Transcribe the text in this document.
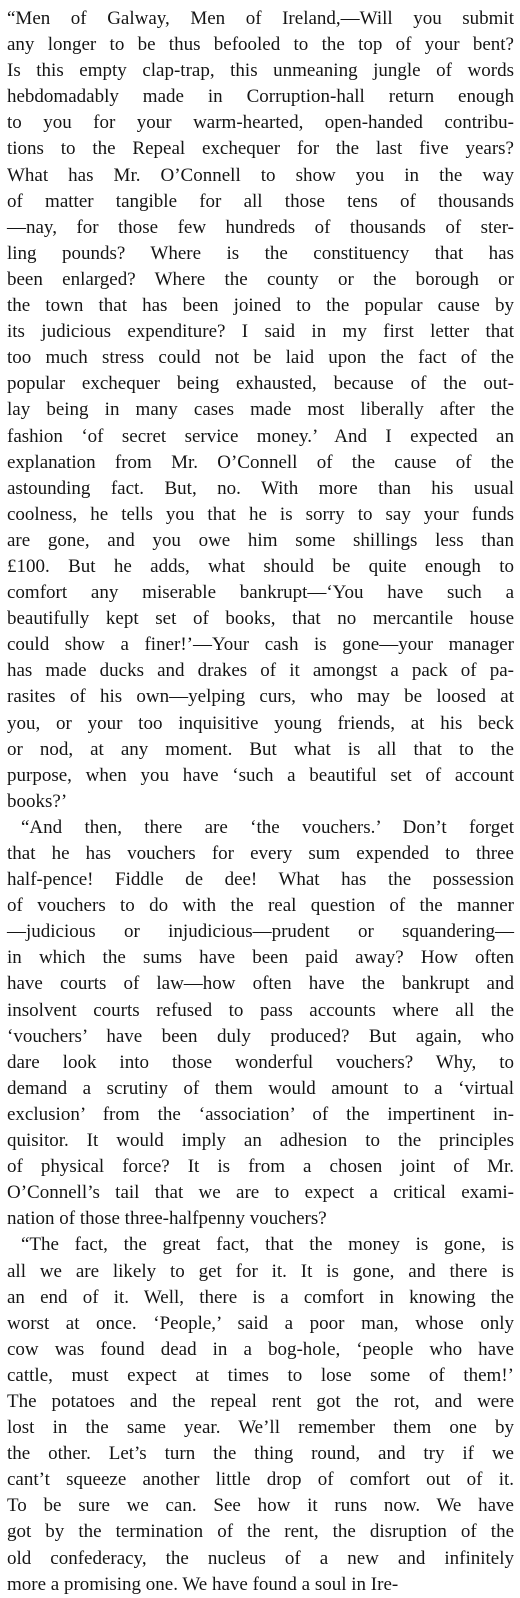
“Men of Galway, Men of Ireland,—Will you submit
any longer to be thus befooled to the top of your bent?
Is this empty clap-trap, this unmeaning jungle of words
hebdomadably made in Corruption-hall return enough
to you for your warm-hearted, open-handed contribu-
tions to the Repeal exchequer for the last five years?
What has Mr. O’Connell to show you in the way
of matter tangible for all those tens of thousands
—nay, for those few hundreds of thousands of ster-
ling pounds? Where is the constituency that has
been enlarged? Where the county or the borough or
the town that has been joined to the popular cause by
its judicious expenditure? I said in my first letter that
too much stress could not be laid upon the fact of the
popular exchequer being exhausted, because of the out-
lay being in many cases made most liberally after the
fashion ‘of secret service money.’ And I expected an
explanation from Mr. O’Connell of the cause of the
astounding fact. But, no. With more than his usual
coolness, he tells you that he is sorry to say your funds
are gone, and you owe him some shillings less than
£100. But he adds, what should be quite enough to
comfort any miserable bankrupt—‘You have such a
beautifully kept set of books, that no mercantile house
could show a finer!’—Your cash is gone—your manager
has made ducks and drakes of it amongst a pack of pa-
rasites of his own—yelping curs, who may be loosed at
you, or your too inquisitive young friends, at his beck
or nod, at any moment. But what is all that to the
purpose, when you have ‘such a beautiful set of account
books?’
“And then, there are ‘the vouchers.’ Don’t forget
that he has vouchers for every sum expended to three
half-pence! Fiddle de dee! What has the possession
of vouchers to do with the real question of the manner
—judicious or injudicious—prudent or squandering—
in which the sums have been paid away? How often
have courts of law—how often have the bankrupt and
insolvent courts refused to pass accounts where all the
‘vouchers’ have been duly produced? But again, who
dare look into those wonderful vouchers? Why, to
demand a scrutiny of them would amount to a ‘virtual
exclusion’ from the ‘association’ of the impertinent in-
quisitor. It would imply an adhesion to the principles
of physical force? It is from a chosen joint of Mr.
O’Connell’s tail that we are to expect a critical exami-
nation of those three-halfpenny vouchers?
“The fact, the great fact, that the money is gone, is
all we are likely to get for it. It is gone, and there is
an end of it. Well, there is a comfort in knowing the
worst at once. ‘People,’ said a poor man, whose only
cow was found dead in a bog-hole, ‘people who have
cattle, must expect at times to lose some of them!’
The potatoes and the repeal rent got the rot, and were
lost in the same year. We’ll remember them one by
the other. Let’s turn the thing round, and try if we
cant’t squeeze another little drop of comfort out of it.
To be sure we can. See how it runs now. We have
got by the termination of the rent, the disruption of the
old confederacy, the nucleus of a new and infinitely
more a promising one. We have found a soul in Ire-
